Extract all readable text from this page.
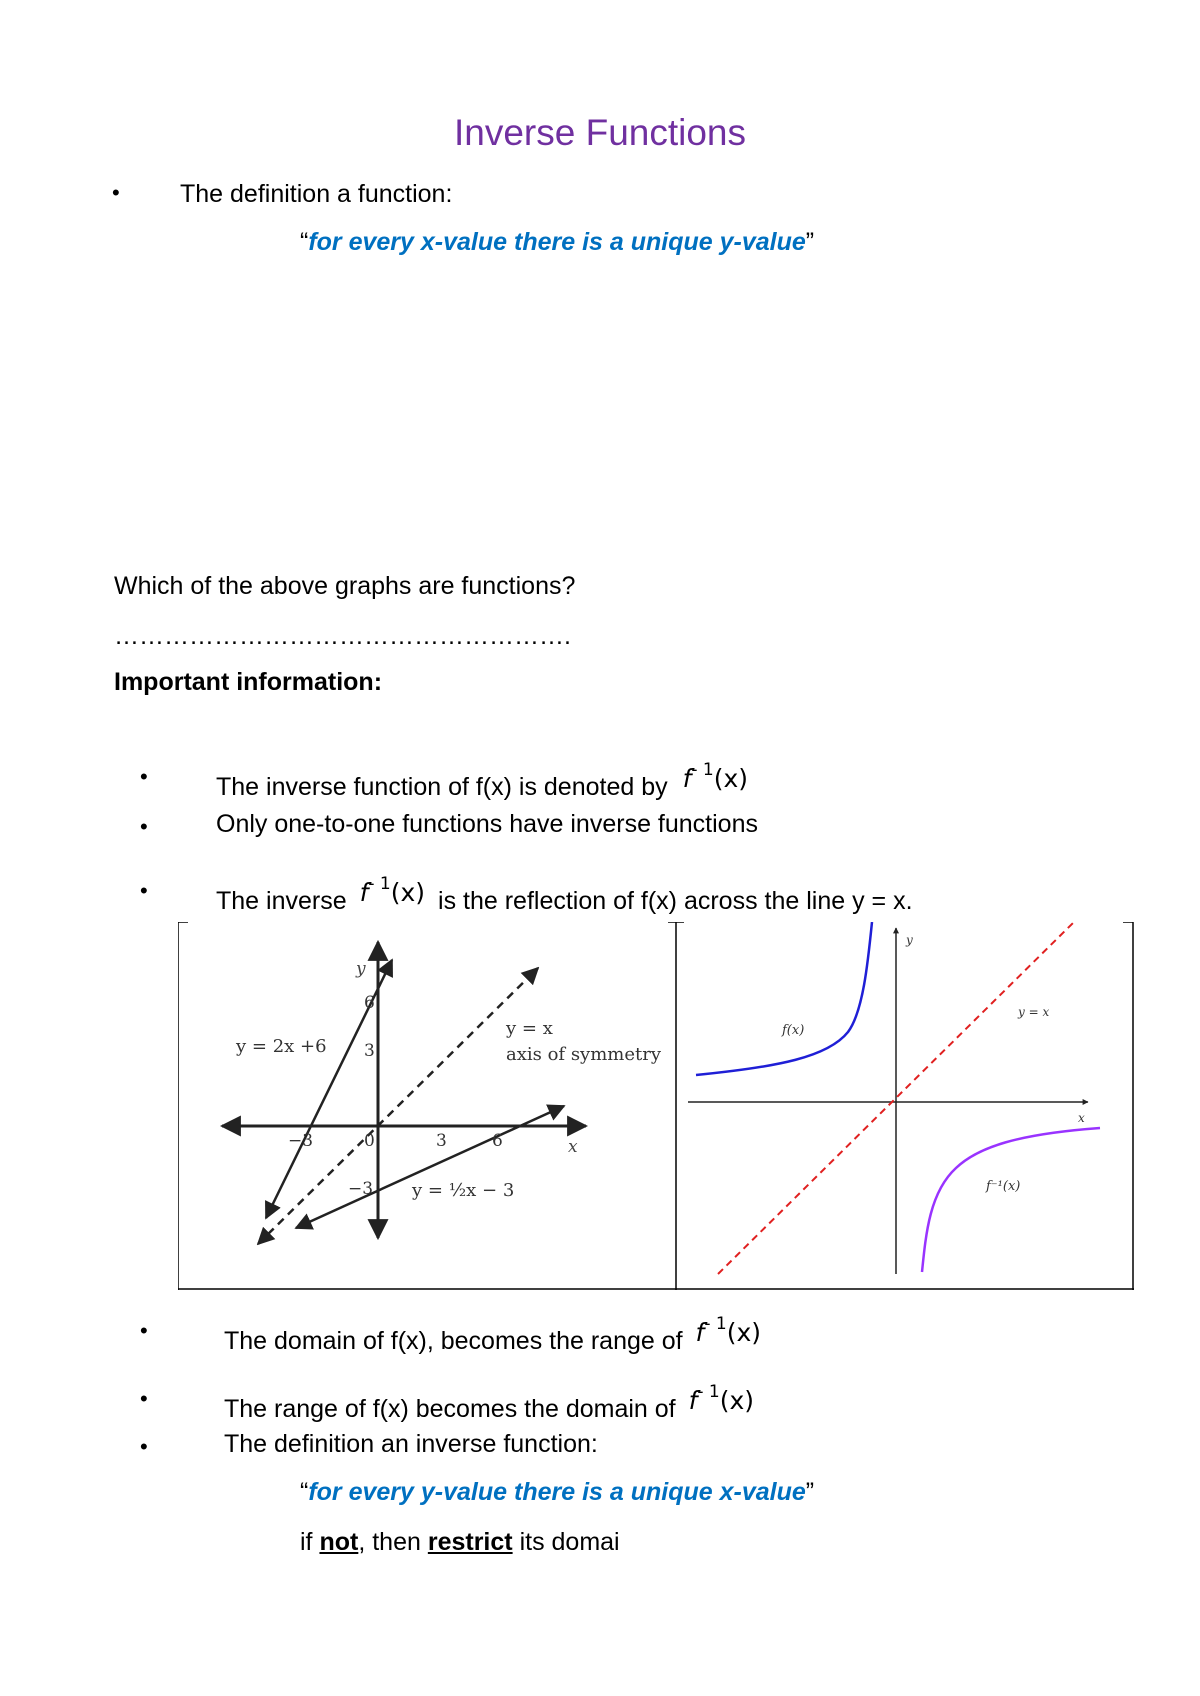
Inverse Functions
• The definition a function:
“for every x-value there is a unique y-value”
Which of the above graphs are functions?
……………………………………………….
Important information:
•	The inverse function of f(x) is denoted by $f^{- 1}(x)$
•	Only one-to-one functions have inverse functions
•	The inverse $f^{- 1}(x)$ is the reflection of f(x) across the line y = x.
y
x
6
3
−3	0	3	6
−3
y = 2x +6
y = x
axis of symmetry
y = ½x − 3
y
x
f(x)
y = x
f⁻¹(x)
•	The domain of f(x), becomes the range of $f^{- 1}(x)$
•	The range of f(x) becomes the domain of $f^{- 1}(x)$
•	The definition an inverse function:
“for every y-value there is a unique x-value”
if not, then restrict its domai
